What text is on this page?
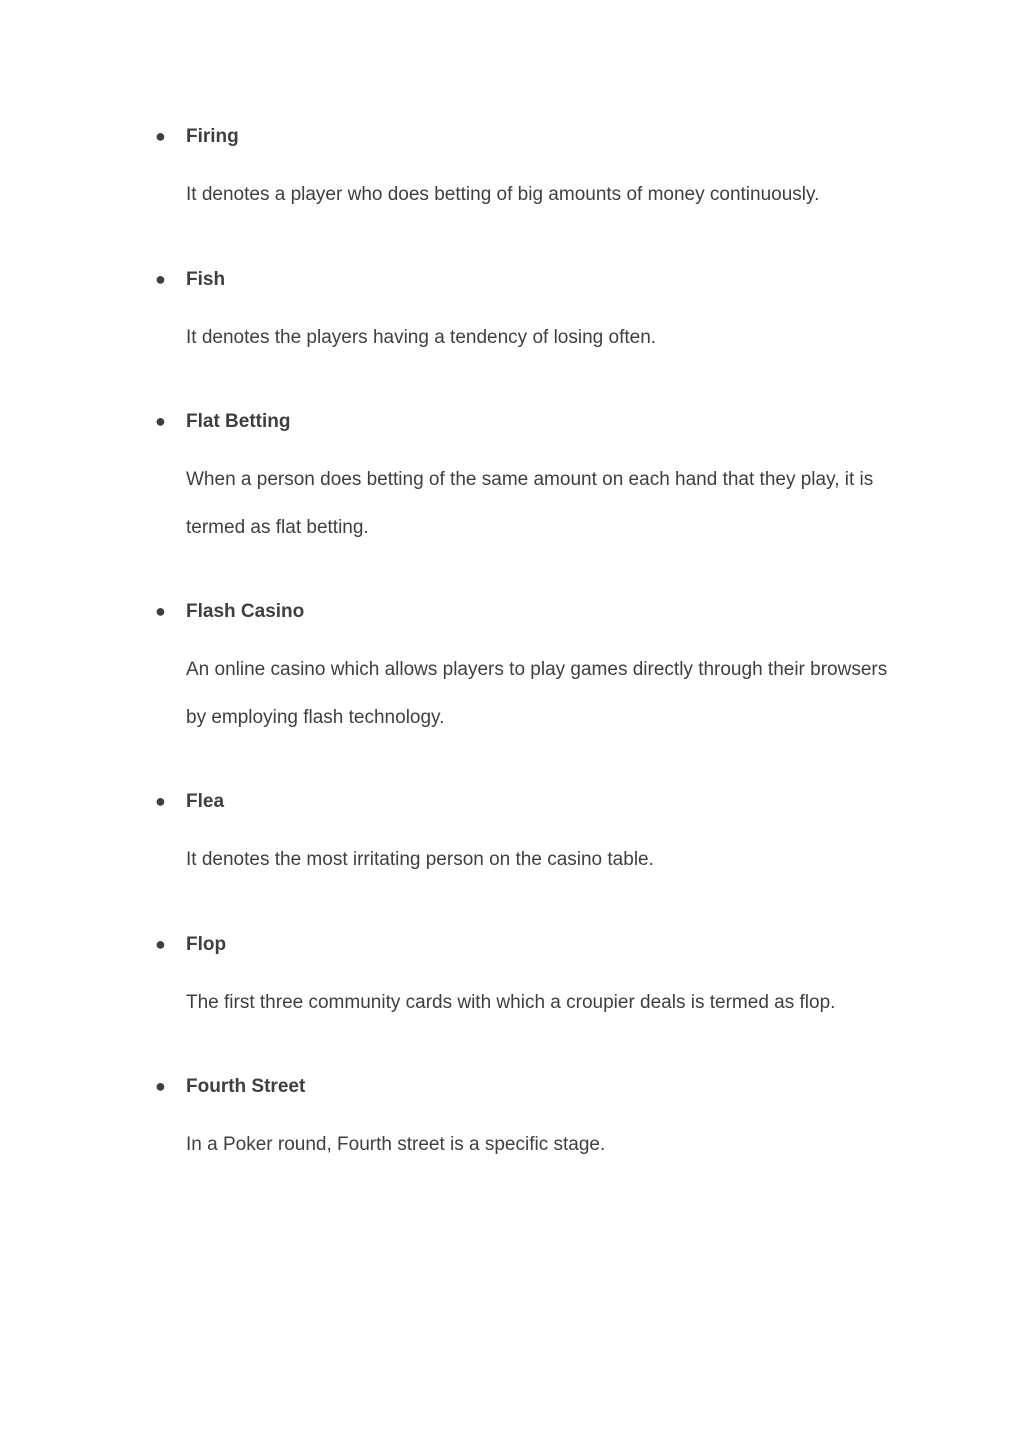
● Firing
It denotes a player who does betting of big amounts of money continuously.
● Fish
It denotes the players having a tendency of losing often.
● Flat Betting
When a person does betting of the same amount on each hand that they play, it is termed as flat betting.
● Flash Casino
An online casino which allows players to play games directly through their browsers by employing flash technology.
● Flea
It denotes the most irritating person on the casino table.
● Flop
The first three community cards with which a croupier deals is termed as flop.
● Fourth Street
In a Poker round, Fourth street is a specific stage.
